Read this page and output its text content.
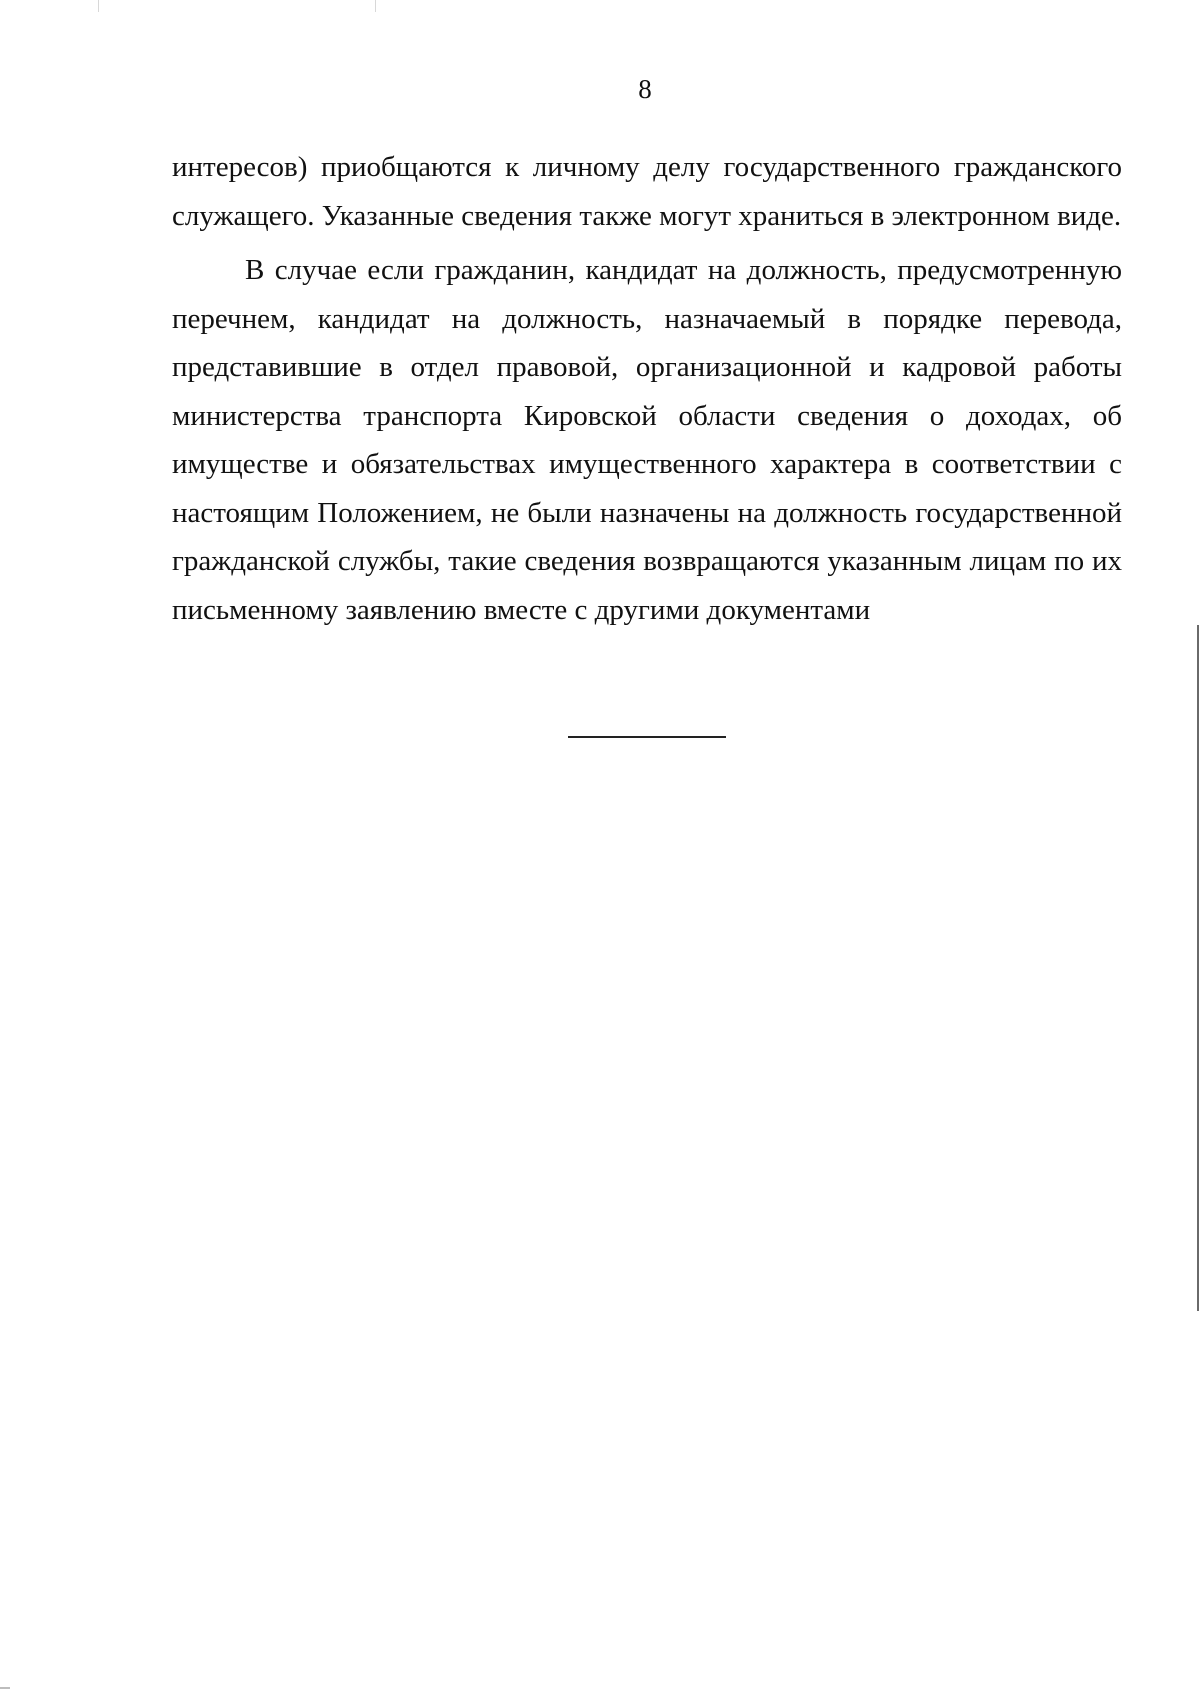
8

интересов) приобщаются к личному делу государственного гражданского
служащего. Указанные сведения также могут храниться в электронном виде.

В случае если гражданин, кандидат на должность, предусмотренную
перечнем, кандидат на должность, назначаемый в порядке перевода,
представившие в отдел правовой, организационной и кадровой работы
министерства транспорта Кировской области сведения о доходах, об
имуществе и обязательствах имущественного характера в соответствии с
настоящим Положением, не были назначены на должность государственной
гражданской службы, такие сведения возвращаются указанным лицам по их
письменному заявлению вместе с другими документами
